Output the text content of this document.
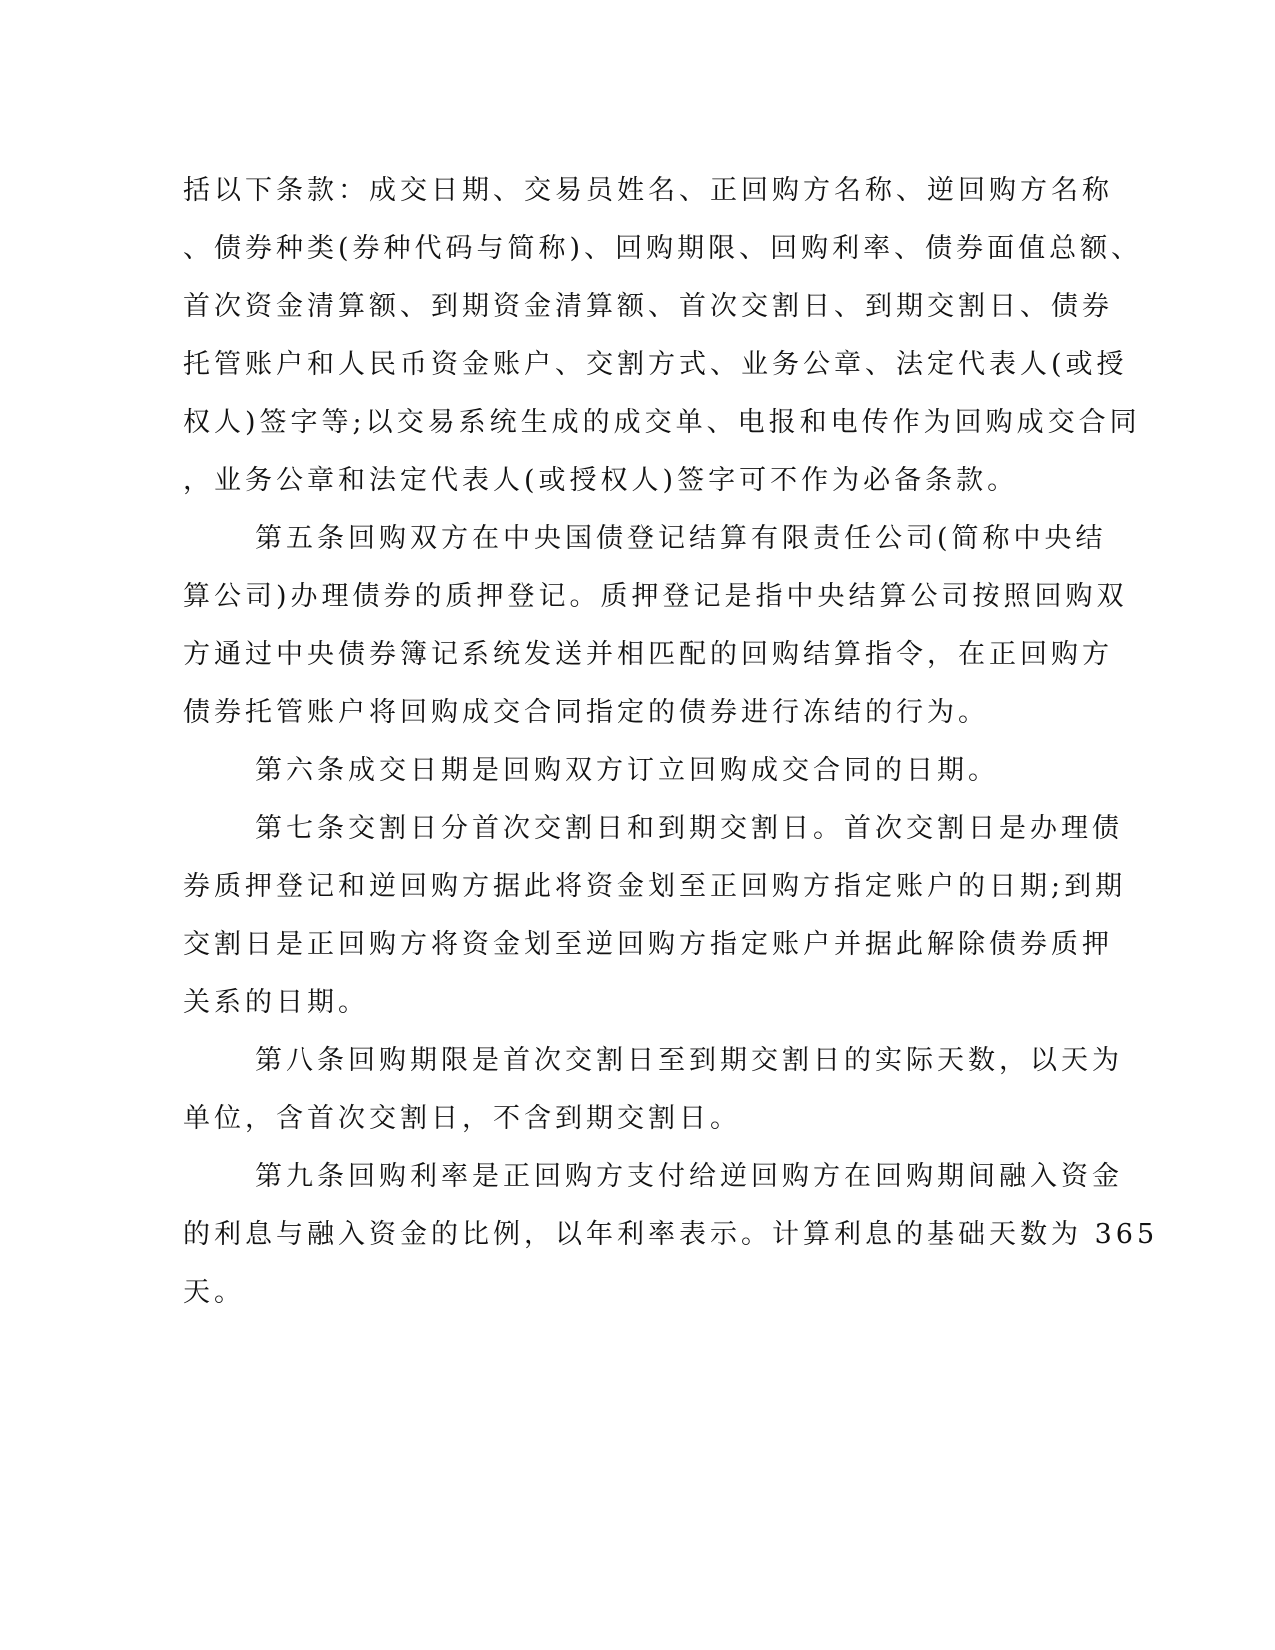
括以下条款：成交日期、交易员姓名、正回购方名称、逆回购方名称
、债券种类(券种代码与简称)、回购期限、回购利率、债券面值总额、
首次资金清算额、到期资金清算额、首次交割日、到期交割日、债券
托管账户和人民币资金账户、交割方式、业务公章、法定代表人(或授
权人)签字等;以交易系统生成的成交单、电报和电传作为回购成交合同
，业务公章和法定代表人(或授权人)签字可不作为必备条款。
第五条回购双方在中央国债登记结算有限责任公司(简称中央结
算公司)办理债券的质押登记。质押登记是指中央结算公司按照回购双
方通过中央债券簿记系统发送并相匹配的回购结算指令，在正回购方
债券托管账户将回购成交合同指定的债券进行冻结的行为。
第六条成交日期是回购双方订立回购成交合同的日期。
第七条交割日分首次交割日和到期交割日。首次交割日是办理债
券质押登记和逆回购方据此将资金划至正回购方指定账户的日期;到期
交割日是正回购方将资金划至逆回购方指定账户并据此解除债券质押
关系的日期。
第八条回购期限是首次交割日至到期交割日的实际天数，以天为
单位，含首次交割日，不含到期交割日。
第九条回购利率是正回购方支付给逆回购方在回购期间融入资金
的利息与融入资金的比例，以年利率表示。计算利息的基础天数为 365
天。
